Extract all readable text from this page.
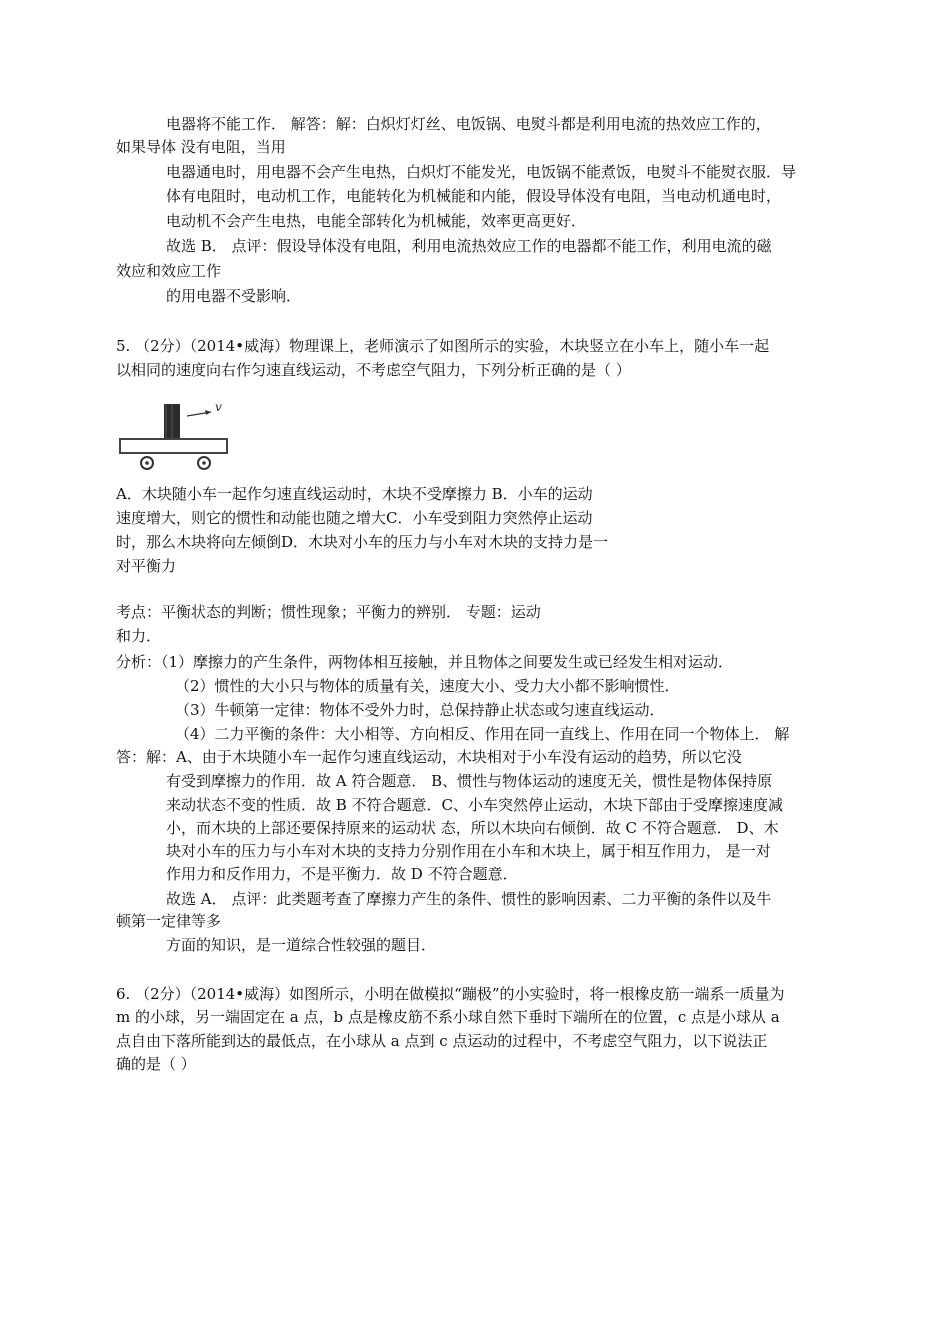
电器将不能工作． 解答：解：白炽灯灯丝、电饭锅、电熨斗都是利用电流的热效应工作的，
如果导体 没有电阻，当用
电器通电时，用电器不会产生电热，白炽灯不能发光，电饭锅不能煮饭，电熨斗不能熨衣服．导
体有电阻时，电动机工作，电能转化为机械能和内能，假设导体没有电阻，当电动机通电时，
电动机不会产生电热，电能全部转化为机械能，效率更高更好．
故选 B． 点评：假设导体没有电阻，利用电流热效应工作的电器都不能工作，利用电流的磁
效应和效应工作
的用电器不受影响．
5. （2分）（2014•威海）物理课上，老师演示了如图所示的实验，木块竖立在小车上，随小车一起
以相同的速度向右作匀速直线运动，不考虑空气阻力，下列分析正确的是（ ）
v
A．木块随小车一起作匀速直线运动时，木块不受摩擦力 B．小车的运动
速度增大，则它的惯性和动能也随之增大C．小车受到阻力突然停止运动
时，那么木块将向左倾倒D．木块对小车的压力与小车对木块的支持力是一
对平衡力
考点：平衡状态的判断；惯性现象；平衡力的辨别． 专题：运动
和力．
分析：（1）摩擦力的产生条件，两物体相互接触，并且物体之间要发生或已经发生相对运动．
（2）惯性的大小只与物体的质量有关，速度大小、受力大小都不影响惯性．
（3）牛顿第一定律：物体不受外力时，总保持静止状态或匀速直线运动．
（4）二力平衡的条件：大小相等、方向相反、作用在同一直线上、作用在同一个物体上． 解
答：解：A、由于木块随小车一起作匀速直线运动，木块相对于小车没有运动的趋势，所以它没
有受到摩擦力的作用．故 A 符合题意． B、惯性与物体运动的速度无关，惯性是物体保持原
来动状态不变的性质．故 B 不符合题意．C、小车突然停止运动，木块下部由于受摩擦速度减
小，而木块的上部还要保持原来的运动状 态，所以木块向右倾倒．故 C 不符合题意． D、木
块对小车的压力与小车对木块的支持力分别作用在小车和木块上，属于相互作用力， 是一对
作用力和反作用力，不是平衡力．故 D 不符合题意．
故选 A． 点评：此类题考查了摩擦力产生的条件、惯性的影响因素、二力平衡的条件以及牛
顿第一定律等多
方面的知识，是一道综合性较强的题目．
6. （2分）（2014•威海）如图所示，小明在做模拟“蹦极”的小实验时，将一根橡皮筋一端系一质量为
m 的小球，另一端固定在 a 点，b 点是橡皮筋不系小球自然下垂时下端所在的位置，c 点是小球从 a
点自由下落所能到达的最低点，在小球从 a 点到 c 点运动的过程中，不考虑空气阻力，以下说法正
确的是（ ）
